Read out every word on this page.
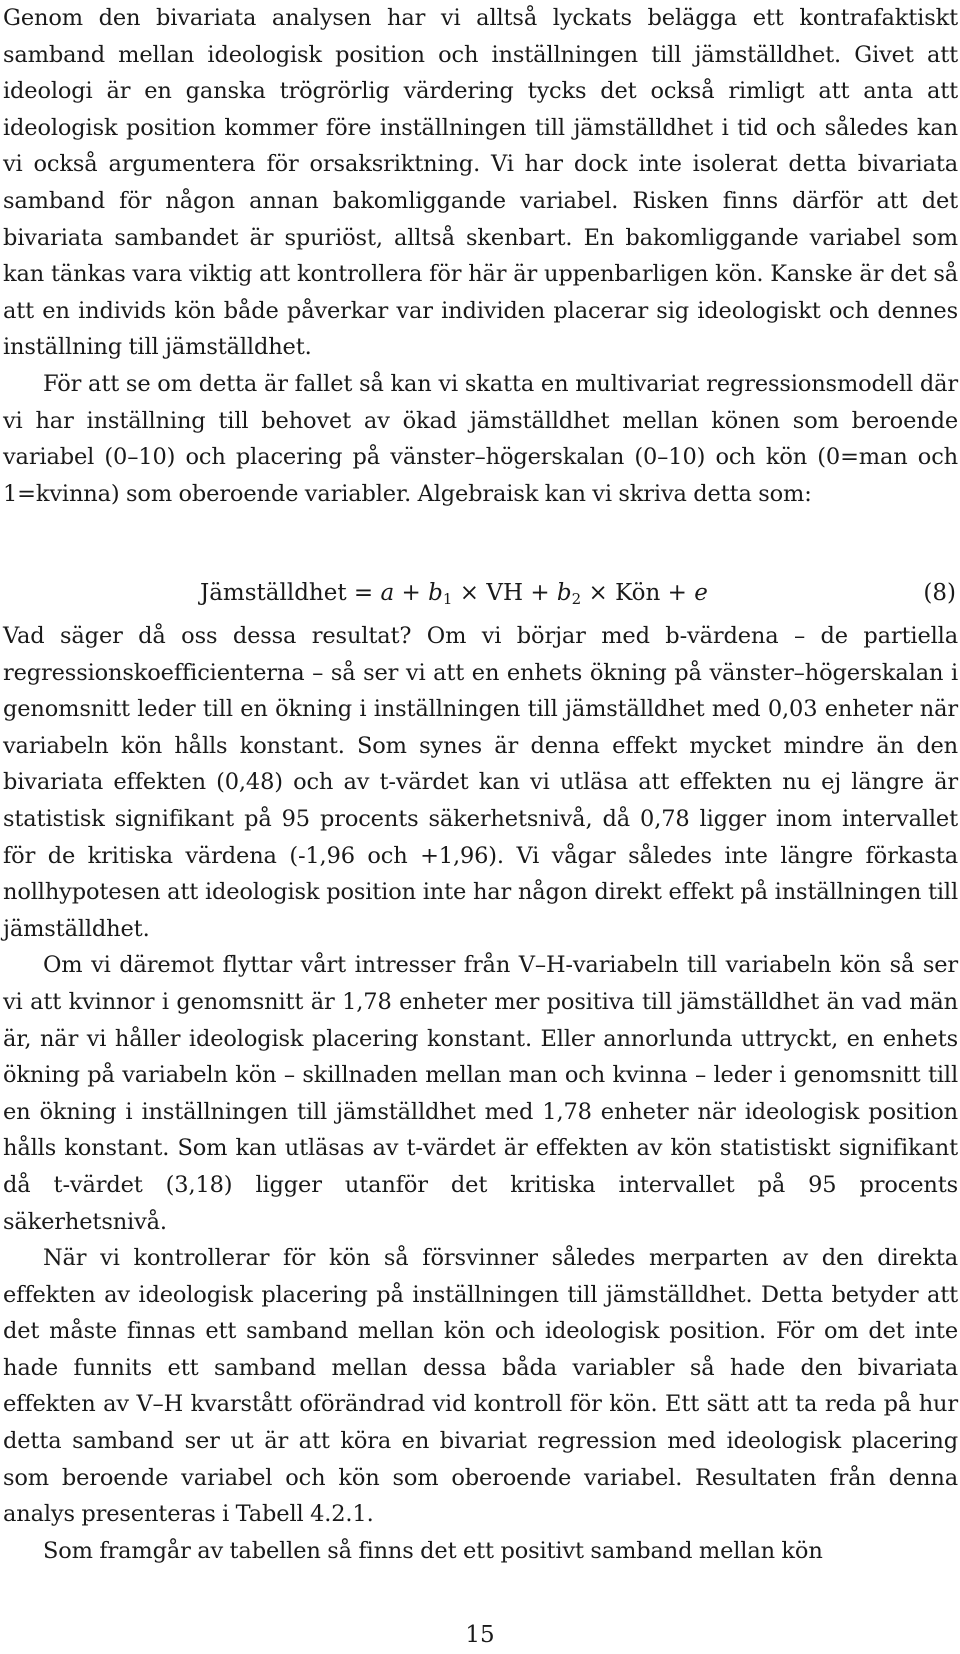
Genom den bivariata analysen har vi alltså lyckats belägga ett kontrafaktiskt samband mellan ideologisk position och inställningen till jämställdhet. Givet att ideologi är en ganska trögrörlig värdering tycks det också rimligt att anta att ideologisk position kommer före inställningen till jämställdhet i tid och således kan vi också argumentera för orsaksriktning. Vi har dock inte isolerat detta bivariata samband för någon annan bakomliggande variabel. Risken finns därför att det bivariata sambandet är spuriöst, alltså skenbart. En bakomliggande variabel som kan tänkas vara viktig att kontrollera för här är uppenbarligen kön. Kanske är det så att en individs kön både påverkar var individen placerar sig ideologiskt och dennes inställning till jämställdhet.

För att se om detta är fallet så kan vi skatta en multivariat regressionsmodell där vi har inställning till behovet av ökad jämställdhet mellan könen som beroende variabel (0–10) och placering på vänster–högerskalan (0–10) och kön (0=man och 1=kvinna) som oberoende variabler. Algebraisk kan vi skriva detta som:

Jämställdhet = $a + b_1$ × VH + $b_2$ × Kön + e	(8)

Vad säger då oss dessa resultat? Om vi börjar med b-värdena – de partiella regressionskoefficienterna – så ser vi att en enhets ökning på vänster–högerskalan i genomsnitt leder till en ökning i inställningen till jämställdhet med 0,03 enheter när variabeln kön hålls konstant. Som synes är denna effekt mycket mindre än den bivariata effekten (0,48) och av t-värdet kan vi utläsa att effekten nu ej längre är statistisk signifikant på 95 procents säkerhetsnivå, då 0,78 ligger inom intervallet för de kritiska värdena (-1,96 och +1,96). Vi vågar således inte längre förkasta nollhypotesen att ideologisk position inte har någon direkt effekt på inställningen till jämställdhet.

Om vi däremot flyttar vårt intresser från V–H-variabeln till variabeln kön så ser vi att kvinnor i genomsnitt är 1,78 enheter mer positiva till jämställdhet än vad män är, när vi håller ideologisk placering konstant. Eller annorlunda uttryckt, en enhets ökning på variabeln kön – skillnaden mellan man och kvinna – leder i genomsnitt till en ökning i inställningen till jämställdhet med 1,78 enheter när ideologisk position hålls konstant. Som kan utläsas av t-värdet är effekten av kön statistiskt signifikant då t-värdet (3,18) ligger utanför det kritiska intervallet på 95 procents säkerhetsnivå.

När vi kontrollerar för kön så försvinner således merparten av den direkta effekten av ideologisk placering på inställningen till jämställdhet. Detta betyder att det måste finnas ett samband mellan kön och ideologisk position. För om det inte hade funnits ett samband mellan dessa båda variabler så hade den bivariata effekten av V–H kvarstått oförändrad vid kontroll för kön. Ett sätt att ta reda på hur detta samband ser ut är att köra en bivariat regression med ideologisk placering som beroende variabel och kön som oberoende variabel. Resultaten från denna analys presenteras i Tabell 4.2.1.

Som framgår av tabellen så finns det ett positivt samband mellan kön

15
